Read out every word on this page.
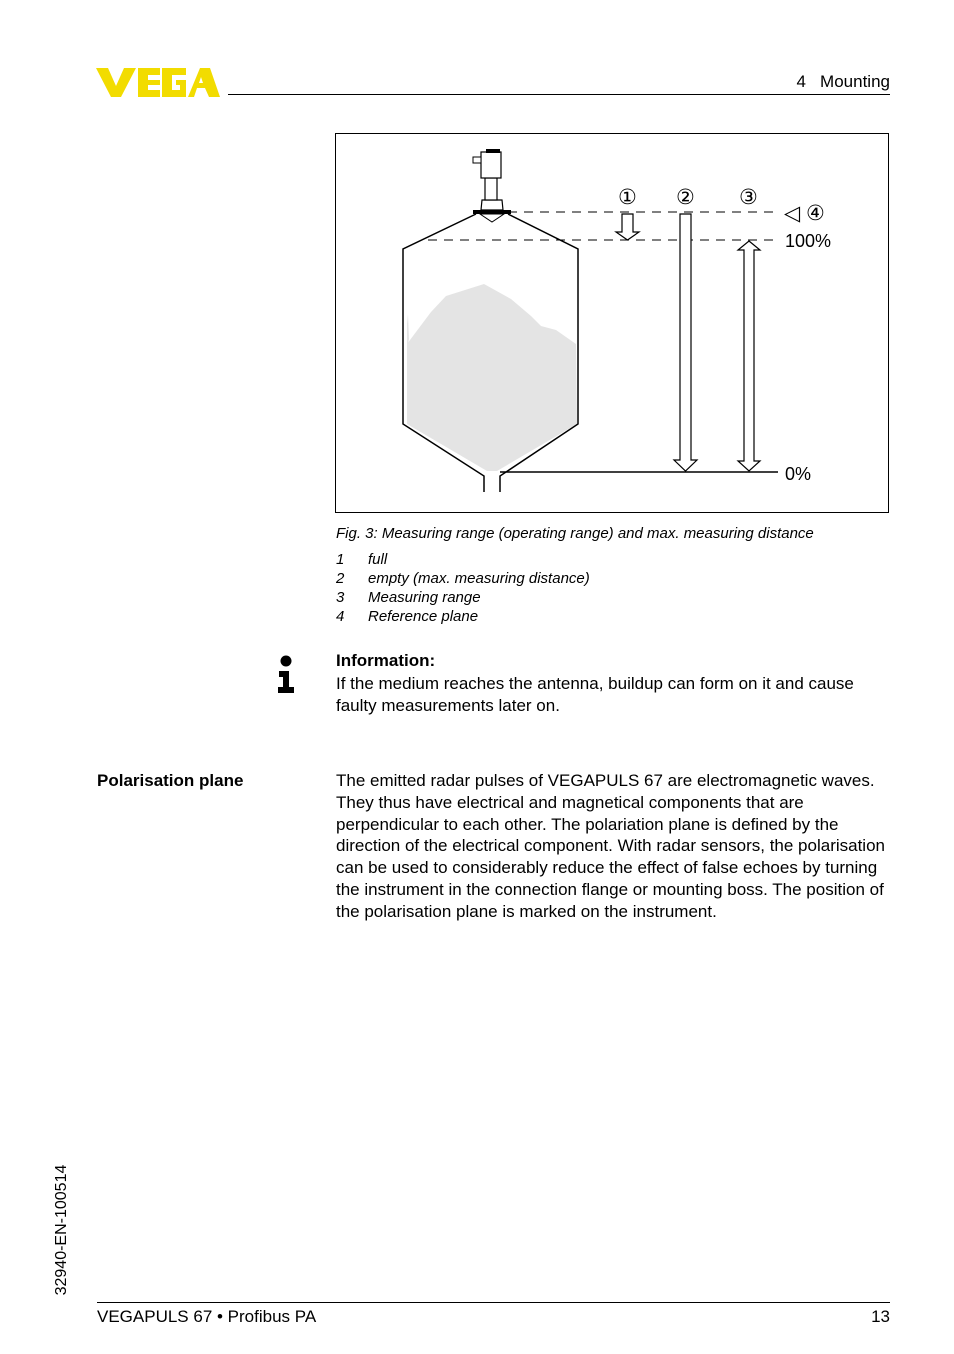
VEGA
4   Mounting
① ② ③
◁ ④
100%
0%
Fig. 3: Measuring range (operating range) and max. measuring distance
1 full
2 empty (max. measuring distance)
3 Measuring range
4 Reference plane
Information:
If the medium reaches the antenna, buildup can form on it and cause faulty measurements later on.
Polarisation plane	The emitted radar pulses of VEGAPULS 67 are electromagnetic waves. They thus have electrical and magnetical components that are perpendicular to each other. The polariation plane is defined by the direction of the electrical component. With radar sensors, the polarisation can be used to considerably reduce the effect of false echoes by turning the instrument in the connection flange or mounting boss. The position of the polarisation plane is marked on the instrument.
32940-EN-100514
VEGAPULS 67 • Profibus PA	13
